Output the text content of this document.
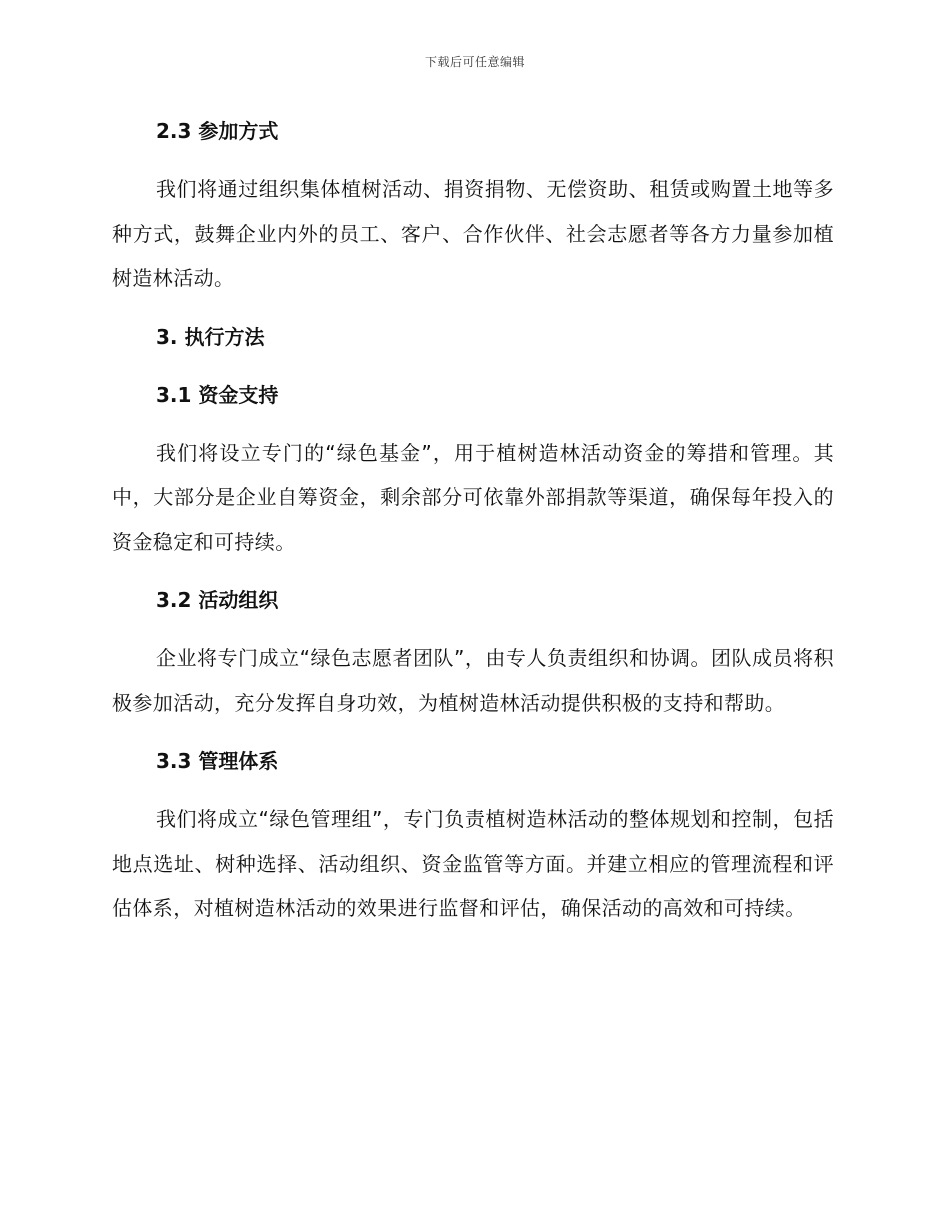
下载后可任意编辑
2.3 参加方式

我们将通过组织集体植树活动、捐资捐物、无偿资助、租赁或购置土地等多种方式，鼓舞企业内外的员工、客户、合作伙伴、社会志愿者等各方力量参加植树造林活动。

3. 执行方法
3.1 资金支持

我们将设立专门的“绿色基金”，用于植树造林活动资金的筹措和管理。其中，大部分是企业自筹资金，剩余部分可依靠外部捐款等渠道，确保每年投入的资金稳定和可持续。

3.2 活动组织

企业将专门成立“绿色志愿者团队”，由专人负责组织和协调。团队成员将积极参加活动，充分发挥自身功效，为植树造林活动提供积极的支持和帮助。

3.3 管理体系

我们将成立“绿色管理组”，专门负责植树造林活动的整体规划和控制，包括地点选址、树种选择、活动组织、资金监管等方面。并建立相应的管理流程和评估体系，对植树造林活动的效果进行监督和评估，确保活动的高效和可持续。
